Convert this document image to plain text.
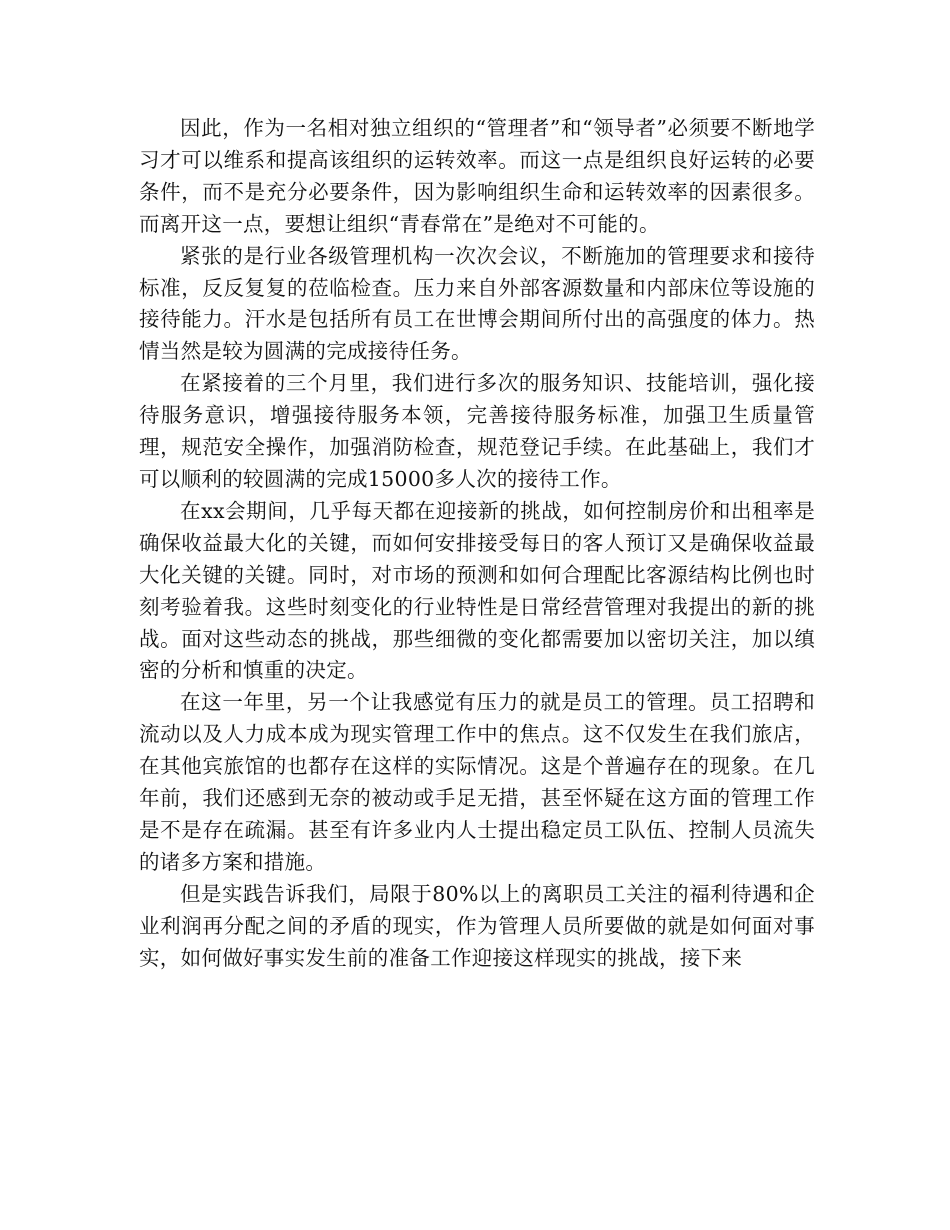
因此，作为一名相对独立组织的“管理者”和“领导者”必须要不断地学习才可以维系和提高该组织的运转效率。而这一点是组织良好运转的必要条件，而不是充分必要条件，因为影响组织生命和运转效率的因素很多。而离开这一点，要想让组织“青春常在”是绝对不可能的。

紧张的是行业各级管理机构一次次会议，不断施加的管理要求和接待标准，反反复复的莅临检查。压力来自外部客源数量和内部床位等设施的接待能力。汗水是包括所有员工在世博会期间所付出的高强度的体力。热情当然是较为圆满的完成接待任务。

在紧接着的三个月里，我们进行多次的服务知识、技能培训，强化接待服务意识，增强接待服务本领，完善接待服务标准，加强卫生质量管理，规范安全操作，加强消防检查，规范登记手续。在此基础上，我们才可以顺利的较圆满的完成15000多人次的接待工作。

在xx会期间，几乎每天都在迎接新的挑战，如何控制房价和出租率是确保收益最大化的关键，而如何安排接受每日的客人预订又是确保收益最大化关键的关键。同时，对市场的预测和如何合理配比客源结构比例也时刻考验着我。这些时刻变化的行业特性是日常经营管理对我提出的新的挑战。面对这些动态的挑战，那些细微的变化都需要加以密切关注，加以缜密的分析和慎重的决定。

在这一年里，另一个让我感觉有压力的就是员工的管理。员工招聘和流动以及人力成本成为现实管理工作中的焦点。这不仅发生在我们旅店，在其他宾旅馆的也都存在这样的实际情况。这是个普遍存在的现象。在几年前，我们还感到无奈的被动或手足无措，甚至怀疑在这方面的管理工作是不是存在疏漏。甚至有许多业内人士提出稳定员工队伍、控制人员流失的诸多方案和措施。

但是实践告诉我们，局限于80%以上的离职员工关注的福利待遇和企业利润再分配之间的矛盾的现实，作为管理人员所要做的就是如何面对事实，如何做好事实发生前的准备工作迎接这样现实的挑战，接下来
